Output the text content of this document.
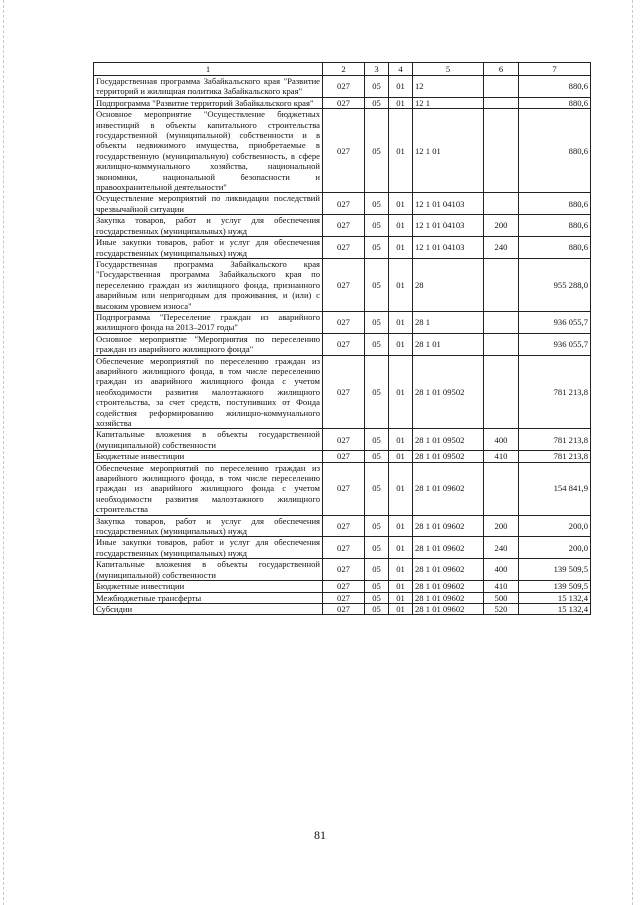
1	2	3	4	5	6	7
Государственная программа Забайкальского края "Развитие территорий и жилищная политика Забайкальского края"	027	05	01	12		880,6
Подпрограмма "Развитие территорий Забайкальского края"	027	05	01	12 1		880,6
Основное мероприятие "Осуществление бюджетных инвестиций в объекты капитального строительства государственной (муниципальной) собственности и в объекты недвижимого имущества, приобретаемые в государственную (муниципальную) собственность, в сфере жилищно-коммунального хозяйства, национальной экономики, национальной безопасности и правоохранительной деятельности"	027	05	01	12 1 01		880,6
Осуществление мероприятий по ликвидации последствий чрезвычайной ситуации	027	05	01	12 1 01 04103		880,6
Закупка товаров, работ и услуг для обеспечения государственных (муниципальных) нужд	027	05	01	12 1 01 04103	200	880,6
Иные закупки товаров, работ и услуг для обеспечения государственных (муниципальных) нужд	027	05	01	12 1 01 04103	240	880,6
Государственная программа Забайкальского края "Государственная программа Забайкальского края по переселению граждан из жилищного фонда, признанного аварийным или непригодным для проживания, и (или) с высоким уровнем износа"	027	05	01	28		955 288,0
Подпрограмма "Переселение граждан из аварийного жилищного фонда на 2013–2017 годы"	027	05	01	28 1		936 055,7
Основное мероприятие "Мероприятия по переселению граждан из аварийного жилищного фонда"	027	05	01	28 1 01		936 055,7
Обеспечение мероприятий по переселению граждан из аварийного жилищного фонда, в том числе переселению граждан из аварийного жилищного фонда с учетом необходимости развития малоэтажного жилищного строительства, за счет средств, поступивших от Фонда содействия реформированию жилищно-коммунального хозяйства	027	05	01	28 1 01 09502		781 213,8
Капитальные вложения в объекты государственной (муниципальной) собственности	027	05	01	28 1 01 09502	400	781 213,8
Бюджетные инвестиции	027	05	01	28 1 01 09502	410	781 213,8
Обеспечение мероприятий по переселению граждан из аварийного жилищного фонда, в том числе переселению граждан из аварийного жилищного фонда с учетом необходимости развития малоэтажного жилищного строительства	027	05	01	28 1 01 09602		154 841,9
Закупка товаров, работ и услуг для обеспечения государственных (муниципальных) нужд	027	05	01	28 1 01 09602	200	200,0
Иные закупки товаров, работ и услуг для обеспечения государственных (муниципальных) нужд	027	05	01	28 1 01 09602	240	200,0
Капитальные вложения в объекты государственной (муниципальной) собственности	027	05	01	28 1 01 09602	400	139 509,5
Бюджетные инвестиции	027	05	01	28 1 01 09602	410	139 509,5
Межбюджетные трансферты	027	05	01	28 1 01 09602	500	15 132,4
Субсидии	027	05	01	28 1 01 09602	520	15 132,4
81
